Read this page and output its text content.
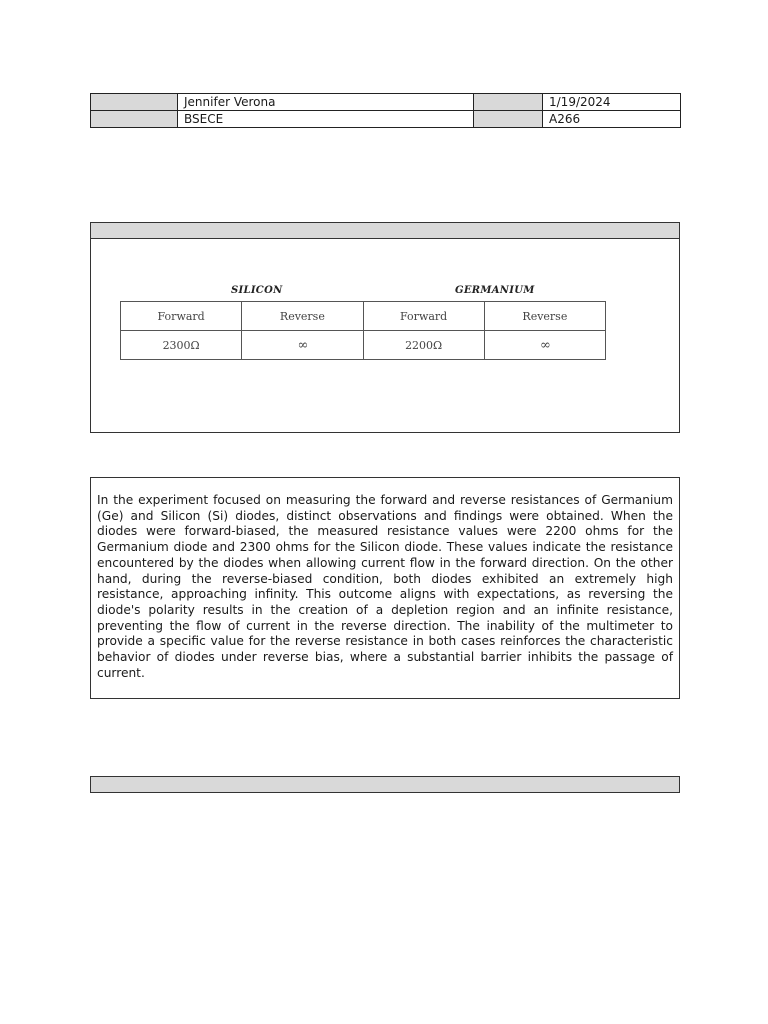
	Jennifer Verona		1/19/2024
	BSECE		A266
SILICON	GERMANIUM
Forward	Reverse	Forward	Reverse
2300Ω	∞	2200Ω	∞

In the experiment focused on measuring the forward and reverse resistances of Germanium (Ge) and Silicon (Si) diodes, distinct observations and findings were obtained. When the diodes were forward-biased, the measured resistance values were 2200 ohms for the Germanium diode and 2300 ohms for the Silicon diode. These values indicate the resistance encountered by the diodes when allowing current flow in the forward direction. On the other hand, during the reverse-biased condition, both diodes exhibited an extremely high resistance, approaching infinity. This outcome aligns with expectations, as reversing the diode's polarity results in the creation of a depletion region and an infinite resistance, preventing the flow of current in the reverse direction. The inability of the multimeter to provide a specific value for the reverse resistance in both cases reinforces the characteristic behavior of diodes under reverse bias, where a substantial barrier inhibits the passage of current.
